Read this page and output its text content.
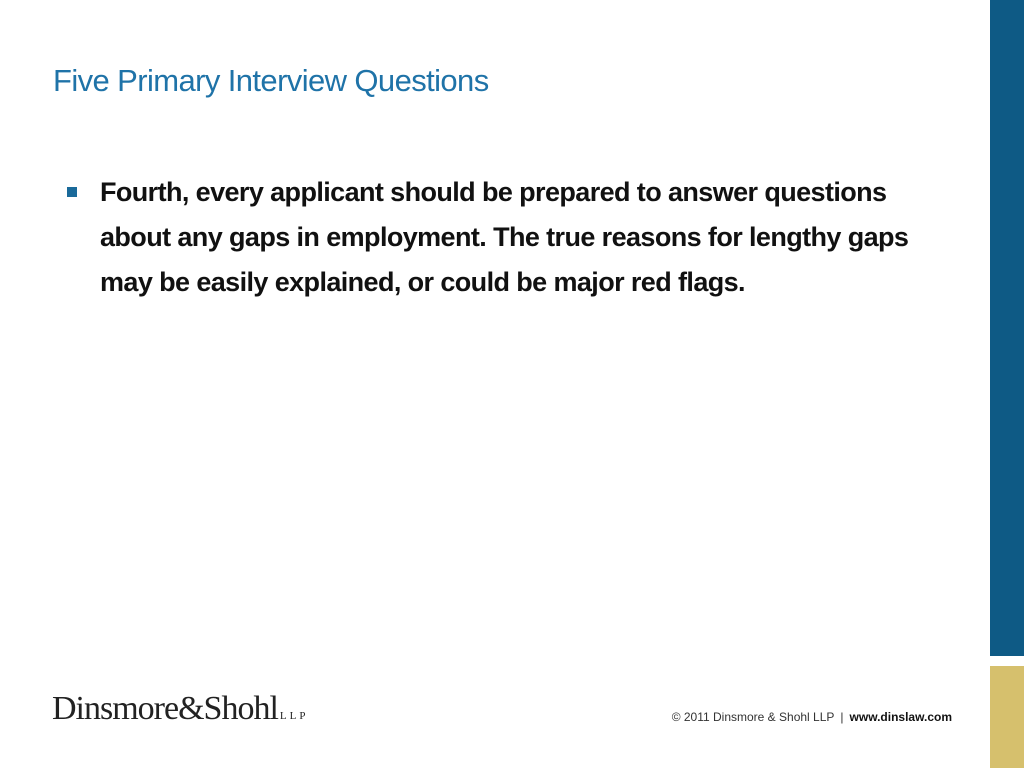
Five Primary Interview Questions
Fourth, every applicant should be prepared to answer questions about any gaps in employment. The true reasons for lengthy gaps may be easily explained, or could be major red flags.
Dinsmore&Shohl LLP	© 2011 Dinsmore & Shohl LLP | www.dinslaw.com
